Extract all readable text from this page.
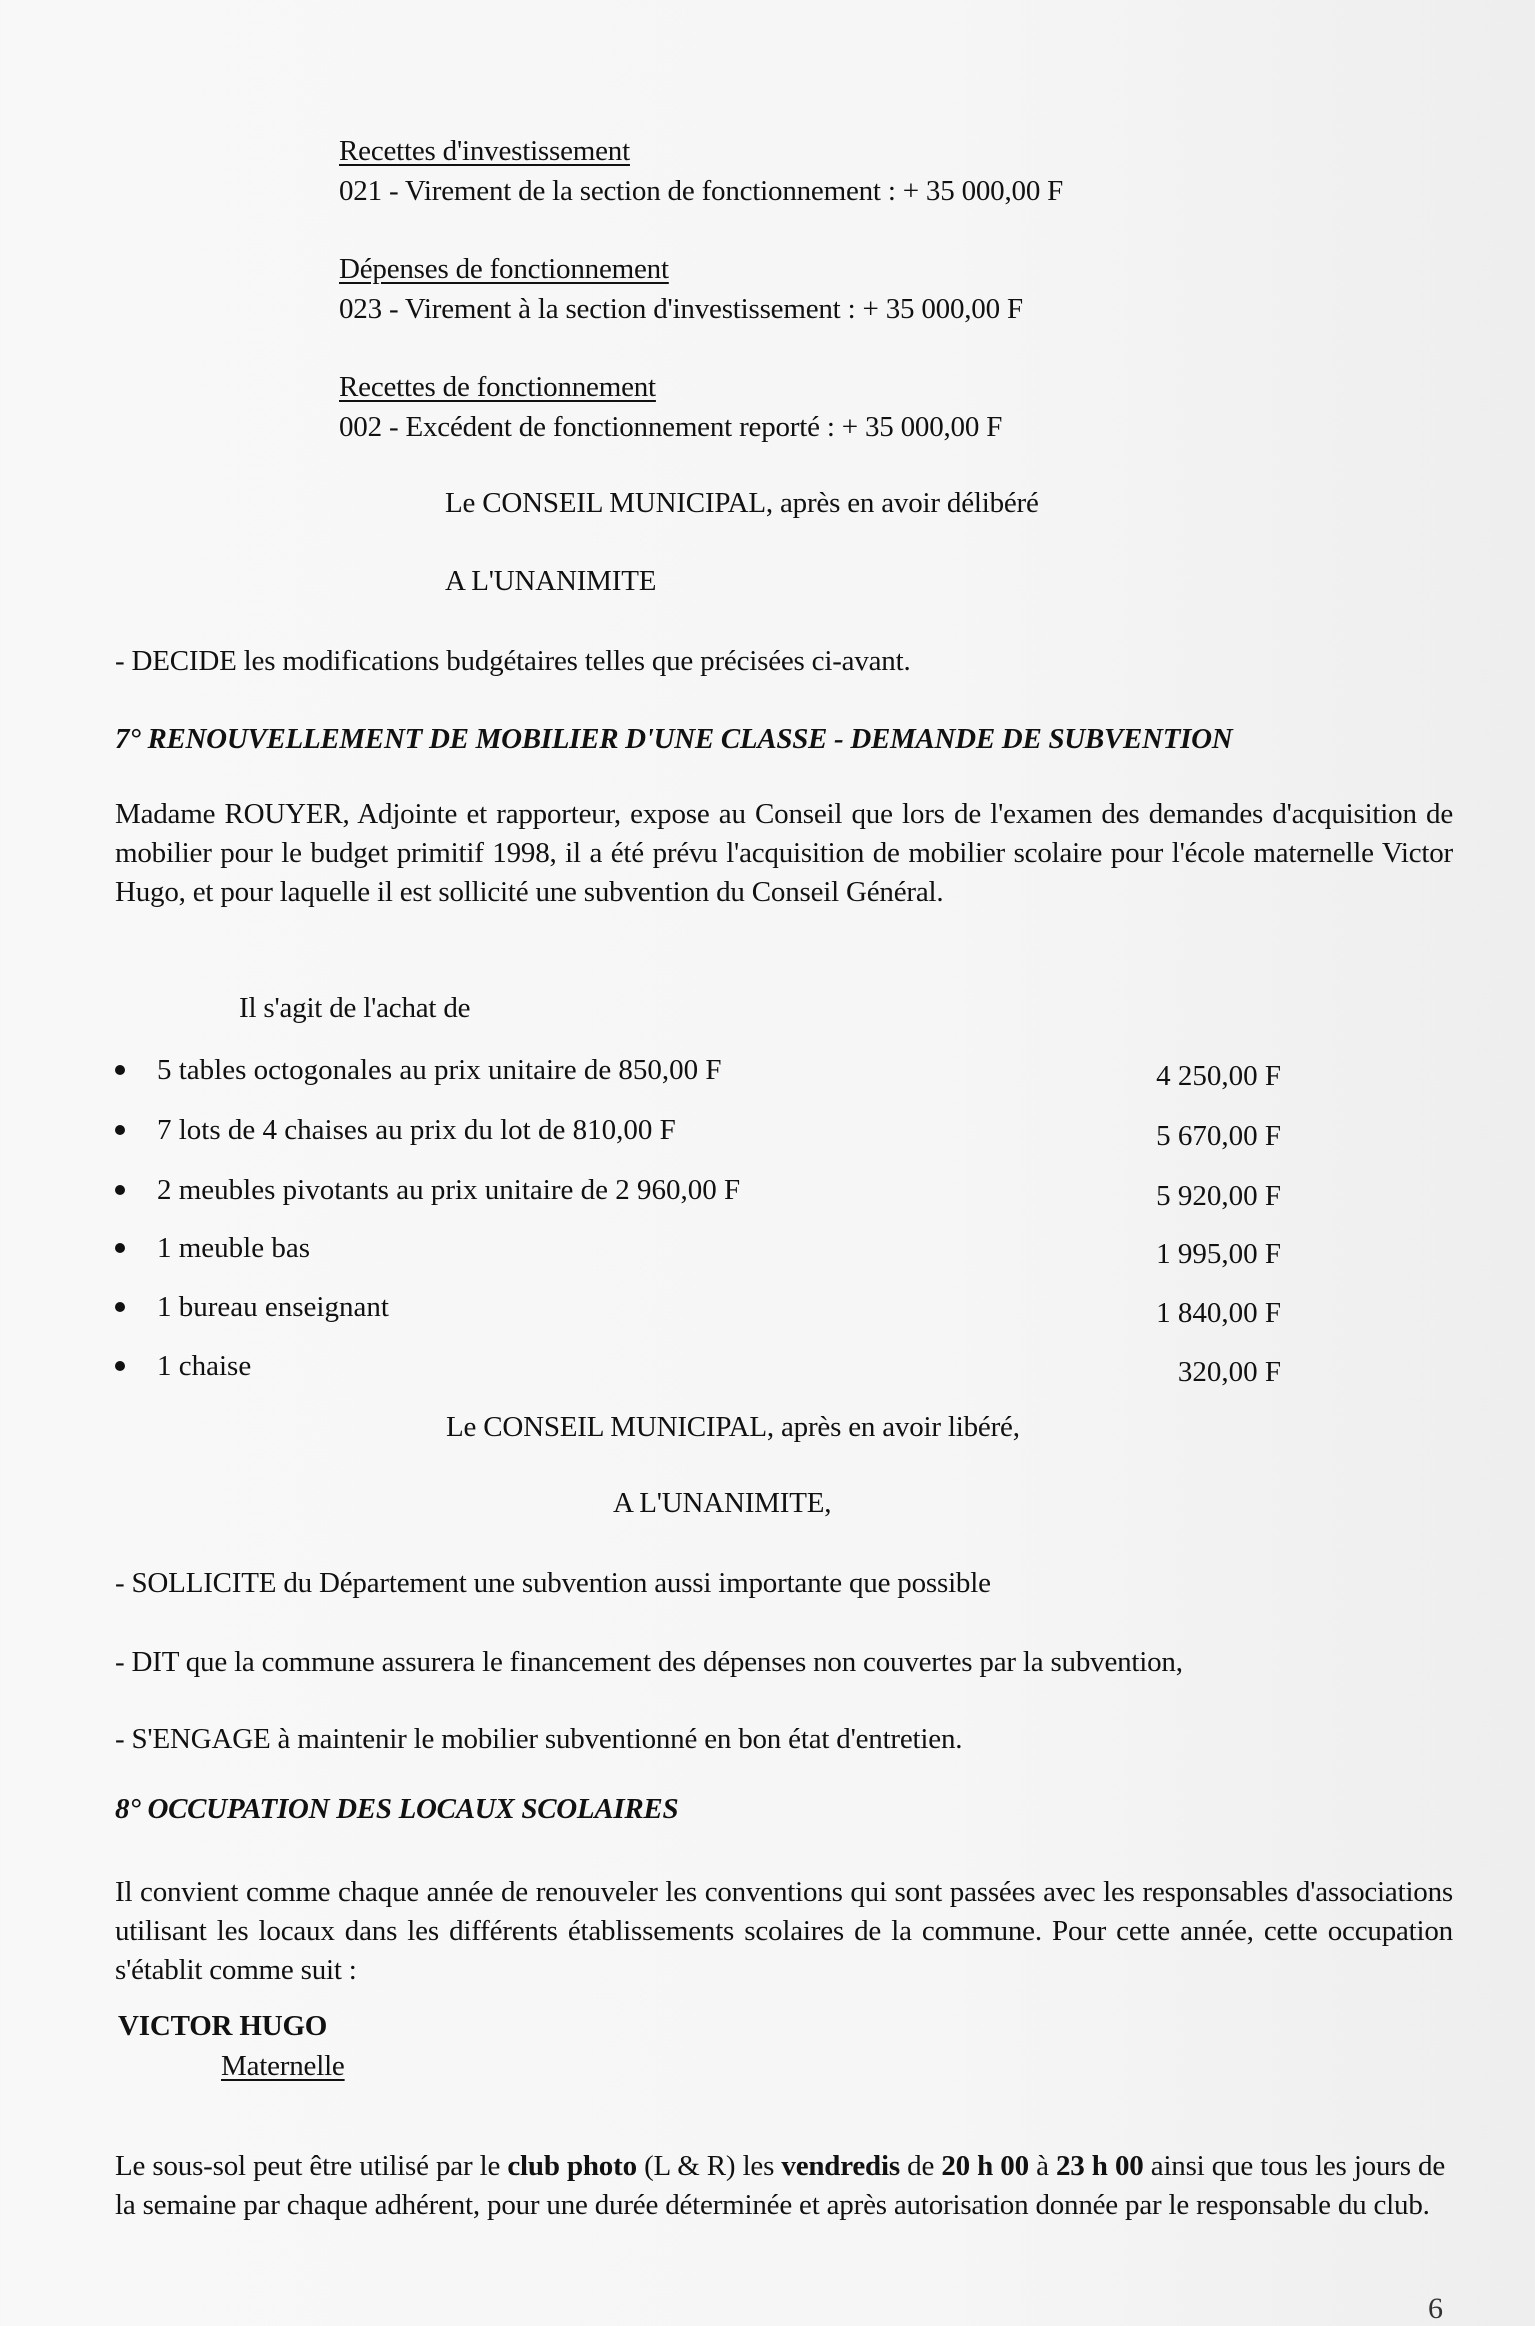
Recettes d'investissement
021 - Virement de la section de fonctionnement : + 35 000,00 F
Dépenses de fonctionnement
023 - Virement à la section d'investissement : + 35 000,00 F
Recettes de fonctionnement
002 - Excédent de fonctionnement reporté : + 35 000,00 F
Le CONSEIL MUNICIPAL, après en avoir délibéré
A L'UNANIMITE
- DECIDE les modifications budgétaires telles que précisées ci-avant.
7° RENOUVELLEMENT DE MOBILIER D'UNE CLASSE - DEMANDE DE SUBVENTION
Madame ROUYER, Adjointe et rapporteur, expose au Conseil que lors de l'examen des demandes d'acquisition de mobilier pour le budget primitif 1998, il a été prévu l'acquisition de mobilier scolaire pour l'école maternelle Victor Hugo, et pour laquelle il est sollicité une subvention du Conseil Général.
Il s'agit de l'achat de
5 tables octogonales au prix unitaire de 850,00 F	4 250,00 F
7 lots de 4 chaises au prix du lot de 810,00 F	5 670,00 F
2 meubles pivotants au prix unitaire de 2 960,00 F	5 920,00 F
1 meuble bas	1 995,00 F
1 bureau enseignant	1 840,00 F
1 chaise	320,00 F
Le CONSEIL MUNICIPAL, après en avoir libéré,
A L'UNANIMITE,
- SOLLICITE du Département une subvention aussi importante que possible
- DIT que la commune assurera le financement des dépenses non couvertes par la subvention,
- S'ENGAGE à maintenir le mobilier subventionné en bon état d'entretien.
8° OCCUPATION DES LOCAUX SCOLAIRES
Il convient comme chaque année de renouveler les conventions qui sont passées avec les responsables d'associations utilisant les locaux dans les différents établissements scolaires de la commune. Pour cette année, cette occupation s'établit comme suit :
VICTOR HUGO
Maternelle
Le sous-sol peut être utilisé par le club photo (L & R) les vendredis de 20 h 00 à 23 h 00 ainsi que tous les jours de la semaine par chaque adhérent, pour une durée déterminée et après autorisation donnée par le responsable du club.
6
